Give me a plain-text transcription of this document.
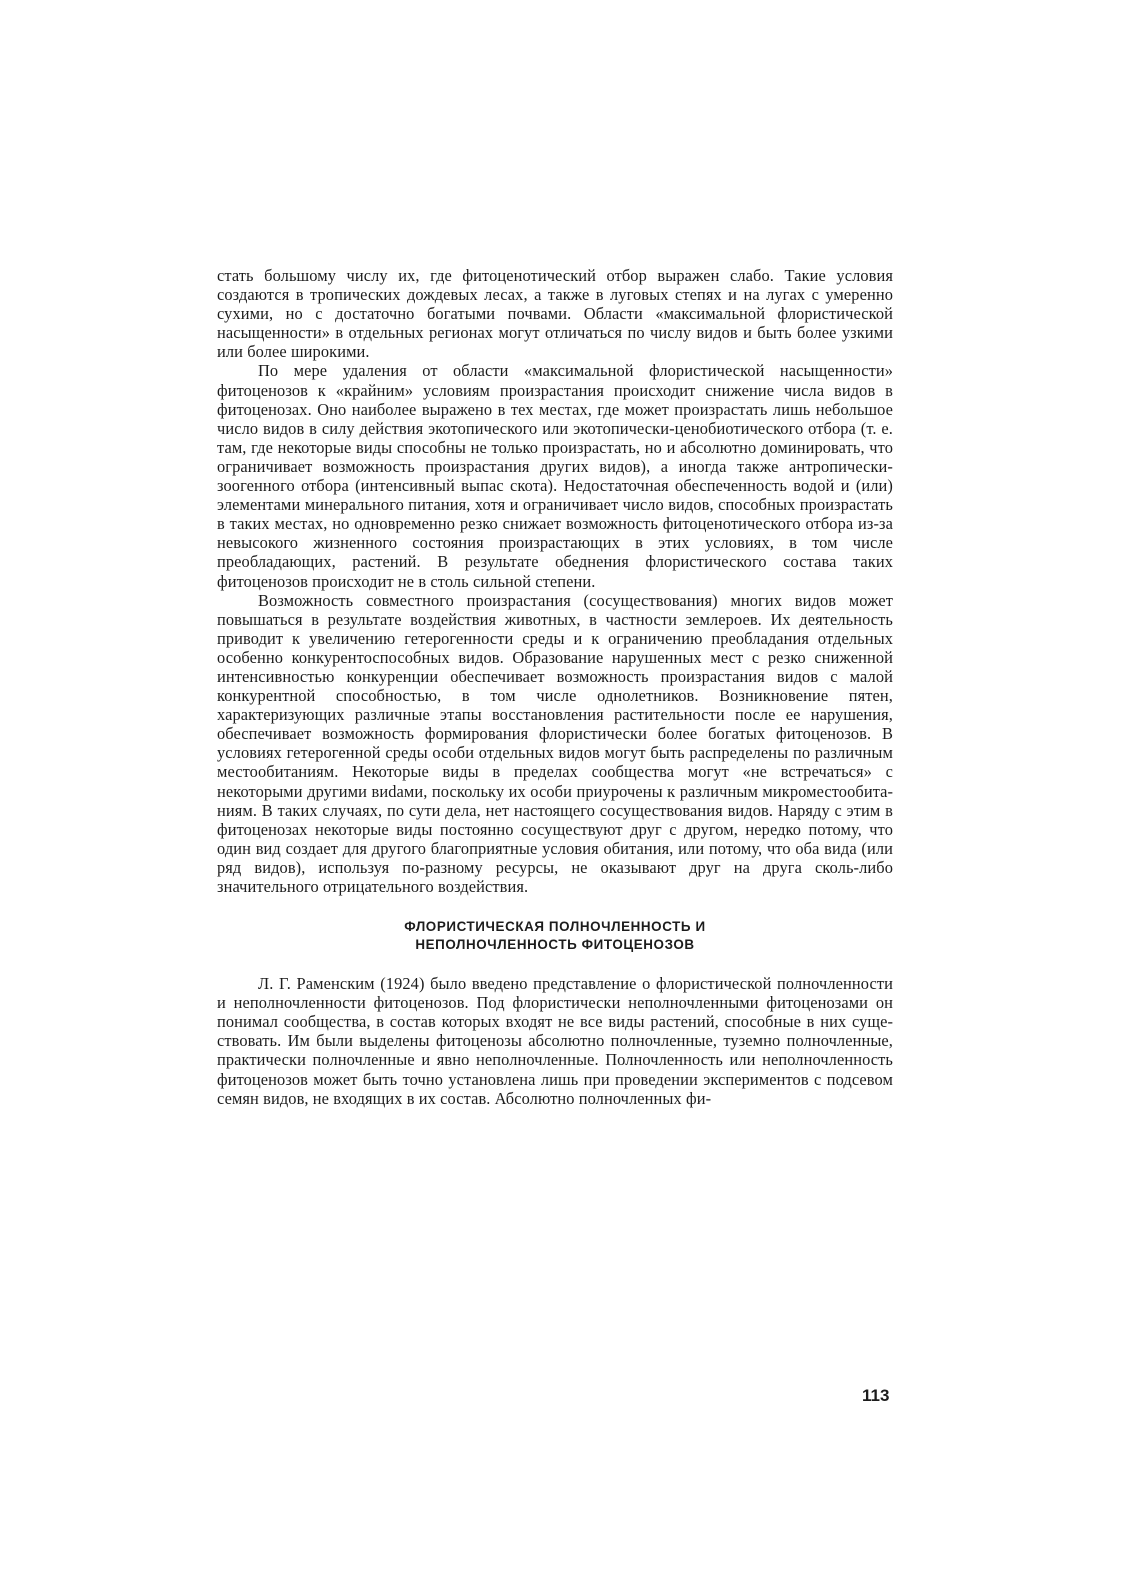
стать большому числу их, где фитоценотический отбор выражен слабо. Такие условия создаются в тропических дождевых лесах, а также в луговых степях и на лугах с умеренно сухими, но с достаточно богатыми почвами. Области «максимальной флористической насыщенности» в отдельных регионах могут отличаться по числу видов и быть более узкими или более широкими.

По мере удаления от области «максимальной флористической насыщенности» фитоценозов к «крайним» условиям произрастания происходит снижение числа видов в фитоценозах. Оно наиболее выражено в тех местах, где может произрастать лишь небольшое число видов в силу действия экотопического или экотопически-ценобиотического отбора (т. е. там, где некоторые виды способны не только произрастать, но и абсолютно доминировать, что ограничивает возможность произрастания других видов), а иногда также антропически-зоогенного отбора (интенсивный выпас скота). Недостаточная обеспеченность водой и (или) элементами минерального питания, хотя и ограничивает число видов, способных произрастать в таких местах, но одновременно резко снижает возможность фитоценотического отбора из-за невысокого жизненного состояния произрастающих в этих условиях, в том числе преобладающих, растений. В результате обеднения флористического состава таких фитоценозов происходит не в столь сильной степени.

Возможность совместного произрастания (сосуществования) многих видов может повышаться в результате воздействия животных, в частности землероев. Их деятельность приводит к увеличению гетерогенности среды и к ограничению преобладания отдельных особенно конкурентоспособных видов. Образование нарушенных мест с резко сниженной интенсивностью конкуренции обеспечивает возможность произрастания видов с малой конкурентной способностью, в том числе однолетников. Возникновение пятен, характеризующих различные этапы восстановления растительности после ее нарушения, обеспечивает возможность формирования флористически более богатых фитоценозов. В условиях гетерогенной среды особи отдельных видов могут быть распределены по различным местообитаниям. Некоторые виды в пределах сообщества могут «не встречаться» с некоторыми другими виdами, поскольку их особи приурочены к различным микроместообитаниям. В таких случаях, по сути дела, нет настоящего сосуществования видов. Наряду с этим в фитоценозах некоторые виды постоянно сосуществуют друг с другом, нередко потому, что один вид создает для другого благоприятные условия обитания, или потому, что оба вида (или ряд видов), используя по-разному ресурсы, не оказывают друг на друга сколь-либо значительного отрицательного воздействия.

ФЛОРИСТИЧЕСКАЯ ПОЛНОЧЛЕННОСТЬ И
НЕПОЛНОЧЛЕННОСТЬ ФИТОЦЕНОЗОВ

Л. Г. Раменским (1924) было введено представление о флористической полночленности и неполночленности фитоценозов. Под флористически неполночленными фитоценозами он понимал сообщества, в состав которых входят не все виды растений, способные в них существовать. Им были выделены фитоценозы абсолютно полночленные, туземно полночленные, практически полночленные и явно неполночленные. Полночленность или неполночленность фитоценозов может быть точно установлена лишь при проведении экспериментов с подсевом семян видов, не входящих в их состав. Абсолютно полночленных фи-

113
